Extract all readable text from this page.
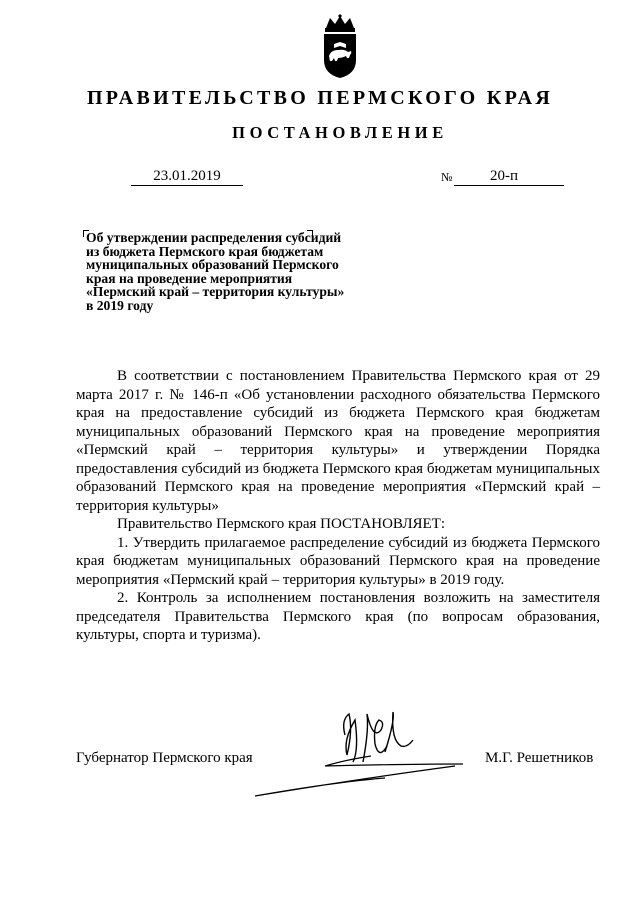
ПРАВИТЕЛЬСТВО ПЕРМСКОГО КРАЯ
ПОСТАНОВЛЕНИЕ
23.01.2019	№	20-п
Об утверждении распределения субсидий
из бюджета Пермского края бюджетам
муниципальных образований Пермского
края на проведение мероприятия
«Пермский край – территория культуры»
в 2019 году

В соответствии с постановлением Правительства Пермского края от 29 марта 2017 г. № 146-п «Об установлении расходного обязательства Пермского края на предоставление субсидий из бюджета Пермского края бюджетам муниципальных образований Пермского края на проведение мероприятия «Пермский край – территория культуры» и утверждении Порядка предоставления субсидий из бюджета Пермского края бюджетам муниципальных образований Пермского края на проведение мероприятия «Пермский край – территория культуры»

Правительство Пермского края ПОСТАНОВЛЯЕТ:

1. Утвердить прилагаемое распределение субсидий из бюджета Пермского края бюджетам муниципальных образований Пермского края на проведение мероприятия «Пермский край – территория культуры» в 2019 году.

2. Контроль за исполнением постановления возложить на заместителя председателя Правительства Пермского края (по вопросам образования, культуры, спорта и туризма).

Губернатор Пермского края	М.Г. Решетников
